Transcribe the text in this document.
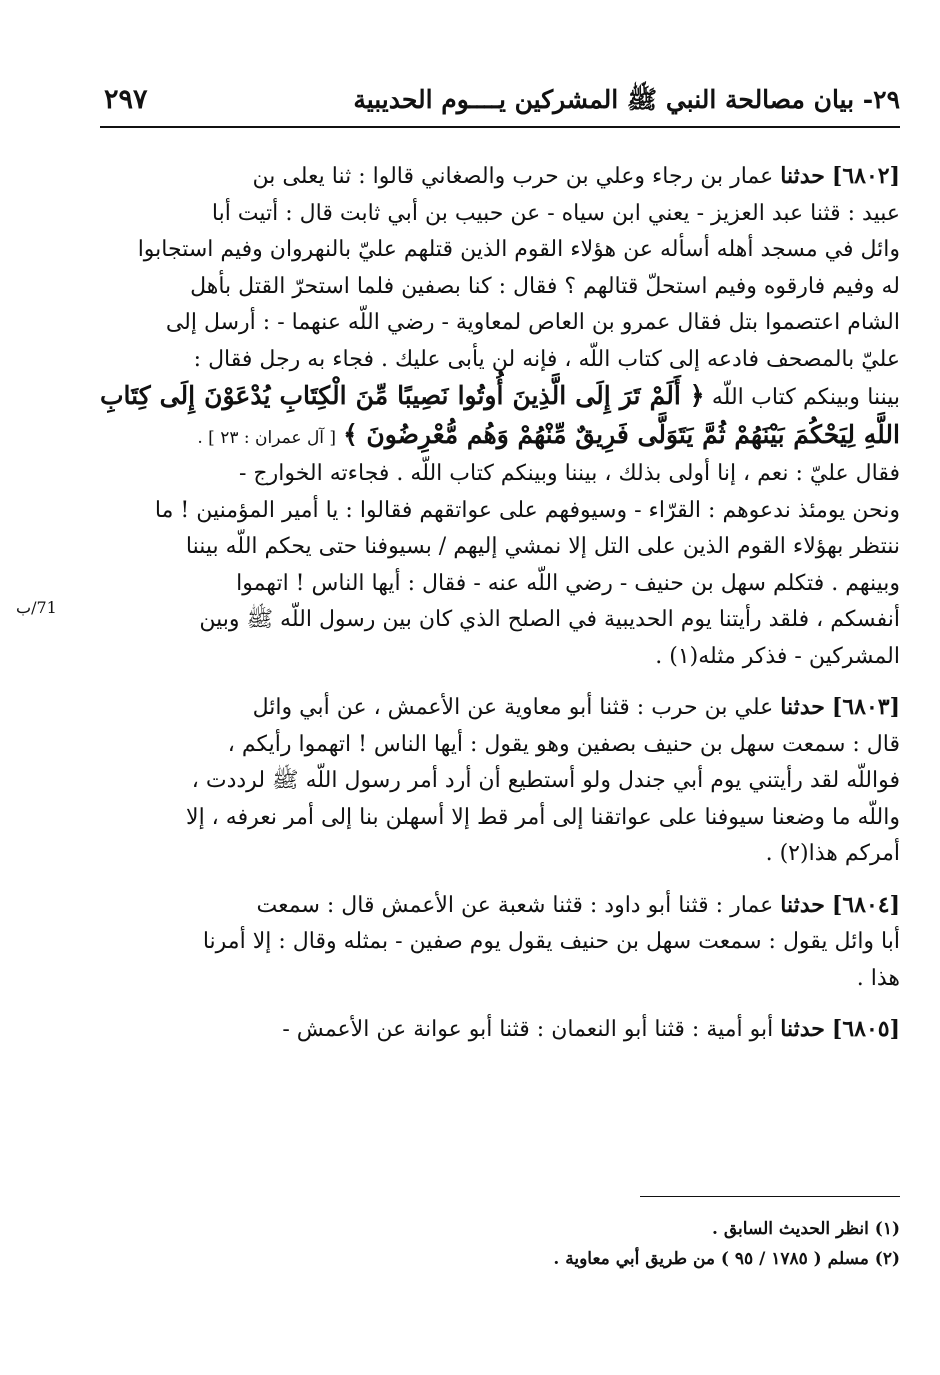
٢٩٧	٢٩- بيان مصالحة النبي ﷺ المشركين يــــوم الحديبية
71/ب
[٦٨٠٢] حدثنا عمار بن رجاء وعلي بن حرب والصغاني قالوا : ثنا يعلى بن
عبيد : قثنا عبد العزيز - يعني ابن سياه - عن حبيب بن أبي ثابت قال : أتيت أبا
وائل في مسجد أهله أسأله عن هؤلاء القوم الذين قتلهم عليّ بالنهروان وفيم استجابوا
له وفيم فارقوه وفيم استحلّ قتالهم ؟ فقال : كنا بصفين فلما استحرّ القتل بأهل
الشام اعتصموا بتل فقال عمرو بن العاص لمعاوية - رضي اللّه عنهما - : أرسل إلى
عليّ بالمصحف فادعه إلى كتاب اللّه ، فإنه لن يأبى عليك . فجاء به رجل فقال :
بيننا وبينكم كتاب اللّه ﴿ أَلَمْ تَرَ إِلَى الَّذِينَ أُوتُوا نَصِيبًا مِّنَ الْكِتَابِ يُدْعَوْنَ إِلَى كِتَابِ اللَّهِ لِيَحْكُمَ بَيْنَهُمْ ثُمَّ يَتَوَلَّى فَرِيقٌ مِّنْهُمْ وَهُم مُّعْرِضُونَ ﴾ [ آل عمران : ٢٣ ] .
فقال عليّ : نعم ، إنا أولى بذلك ، بيننا وبينكم كتاب اللّه . فجاءته الخوارج -
ونحن يومئذ ندعوهم : القرّاء - وسيوفهم على عواتقهم فقالوا : يا أمير المؤمنين ! ما
ننتظر بهؤلاء القوم الذين على التل إلا نمشي إليهم / بسيوفنا حتى يحكم اللّه بيننا
وبينهم . فتكلم سهل بن حنيف - رضي اللّه عنه - فقال : أيها الناس ! اتهموا
أنفسكم ، فلقد رأيتنا يوم الحديبية في الصلح الذي كان بين رسول اللّه ﷺ وبين
المشركين - فذكر مثله(١) .
[٦٨٠٣] حدثنا علي بن حرب : قثنا أبو معاوية عن الأعمش ، عن أبي وائل
قال : سمعت سهل بن حنيف بصفين وهو يقول : أيها الناس ! اتهموا رأيكم ،
فواللّه لقد رأيتني يوم أبي جندل ولو أستطيع أن أرد أمر رسول اللّه ﷺ لرددت ،
واللّه ما وضعنا سيوفنا على عواتقنا إلى أمر قط إلا أسهلن بنا إلى أمر نعرفه ، إلا
أمركم هذا(٢) .
[٦٨٠٤] حدثنا عمار : قثنا أبو داود : قثنا شعبة عن الأعمش قال : سمعت
أبا وائل يقول : سمعت سهل بن حنيف يقول يوم صفين - بمثله وقال : إلا أمرنا
هذا .
[٦٨٠٥] حدثنا أبو أمية : قثنا أبو النعمان : قثنا أبو عوانة عن الأعمش -
(١) انظر الحديث السابق .
(٢) مسلم ( ١٧٨٥ / ٩٥ ) من طريق أبي معاوية .
